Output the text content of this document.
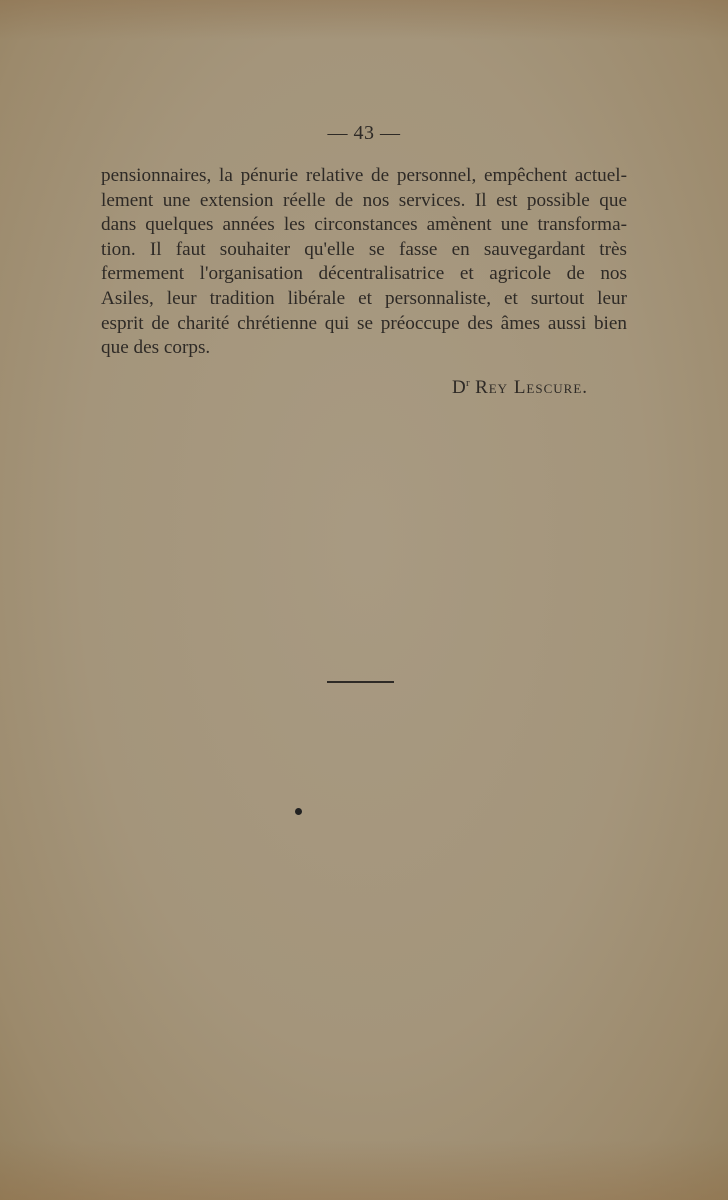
— 43 —
pensionnaires, la pénurie relative de personnel, empêchent actuel-
lement une extension réelle de nos services. Il est possible que
dans quelques années les circonstances amènent une transforma-
tion. Il faut souhaiter qu'elle se fasse en sauvegardant très
fermement l'organisation décentralisatrice et agricole de nos
Asiles, leur tradition libérale et personnaliste, et surtout leur
esprit de charité chrétienne qui se préoccupe des âmes aussi bien
que des corps.
$D^r$ Rey Lescure.
